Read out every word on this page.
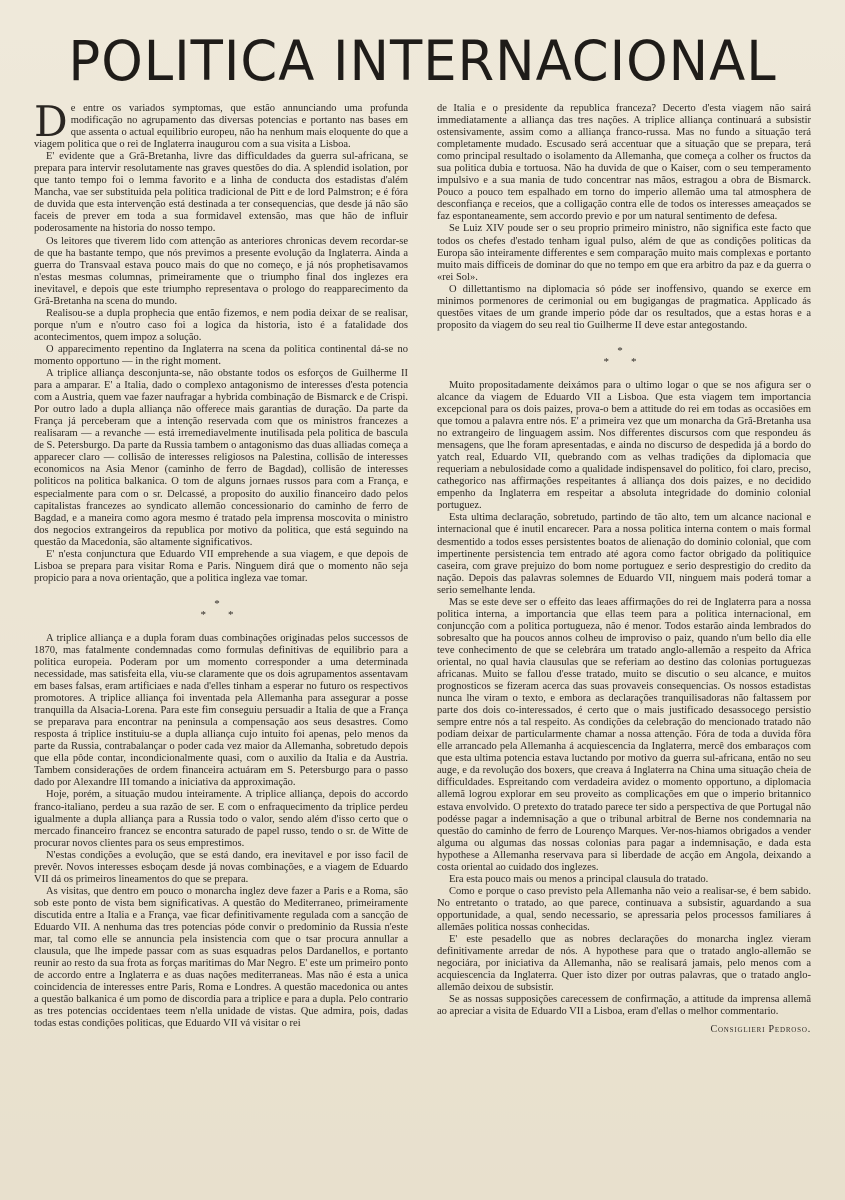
POLITICA INTERNACIONAL

De entre os variados symptomas, que estão annunciando uma profunda modificação no agrupamento das diversas potencias e portanto nas bases em que assenta o actual equilibrio europeu, não ha nenhum mais eloquente do que a viagem politica que o rei de Inglaterra inaugurou com a sua visita a Lisboa.

E' evidente que a Grã-Bretanha, livre das difficuldades da guerra sul-africana, se prepara para intervir resolutamente nas graves questões do dia. A splendid isolation, por que tanto tempo foi o lemma favorito e a linha de conducta dos estadistas d'além Mancha, vae ser substituida pela politica tradicional de Pitt e de lord Palmstron; e é fóra de duvida que esta intervenção está destinada a ter consequencias, que desde já não são faceis de prever em toda a sua formidavel extensão, mas que hão de influir poderosamente na historia do nosso tempo.

Os leitores que tiverem lido com attenção as anteriores chronicas devem recordar-se de que ha bastante tempo, que nós previmos a presente evolução da Inglaterra. Ainda a guerra do Transvaal estava pouco mais do que no começo, e já nós prophetisavamos n'estas mesmas columnas, primeiramente que o triumpho final dos inglezes era inevitavel, e depois que este triumpho representava o prologo do reapparecimento da Grã-Bretanha na scena do mundo.

Realisou-se a dupla prophecia que então fizemos, e nem podia deixar de se realisar, porque n'um e n'outro caso foi a logica da historia, isto é a fatalidade dos acontecimentos, quem impoz a solução.

O apparecimento repentino da Inglaterra na scena da politica continental dá-se no momento opportuno — in the right moment.

A triplice alliança desconjunta-se, não obstante todos os esforços de Guilherme II para a amparar. E' a Italia, dado o complexo antagonismo de interesses d'esta potencia com a Austria, quem vae fazer naufragar a hybrida combinação de Bismarck e de Crispi. Por outro lado a dupla alliança não offerece mais garantias de duração. Da parte da França já perceberam que a intenção reservada com que os ministros francezes a realisaram — a revanche — está irremediavelmente inutilisada pela politica de bascula de S. Petersburgo. Da parte da Russia tambem o antagonismo das duas alliadas começa a apparecer claro — collisão de interesses religiosos na Palestina, collisão de interesses economicos na Asia Menor (caminho de ferro de Bagdad), collisão de interesses politicos na politica balkanica. O tom de alguns jornaes russos para com a França, e especialmente para com o sr. Delcassé, a proposito do auxilio financeiro dado pelos capitalistas francezes ao syndicato allemão concessionario do caminho de ferro de Bagdad, e a maneira como agora mesmo é tratado pela imprensa moscovita o ministro dos negocios extrangeiros da republica por motivo da politica, que está seguindo na questão da Macedonia, são altamente significativos.

E' n'esta conjunctura que Eduardo VII emprehende a sua viagem, e que depois de Lisboa se prepara para visitar Roma e Paris. Ninguem dirá que o momento não seja propicio para a nova orientação, que a politica ingleza vae tomar.

*
**

A triplice alliança e a dupla foram duas combinações originadas pelos successos de 1870, mas fatalmente condemnadas como formulas definitivas de equilibrio para a politica europeia. Poderam por um momento corresponder a uma determinada necessidade, mas satisfeita ella, viu-se claramente que os dois agrupamentos assentavam em bases falsas, eram artificiaes e nada d'elles tinham a esperar no futuro os respectivos promotores. A triplice alliança foi inventada pela Allemanha para assegurar a posse tranquilla da Alsacia-Lorena. Para este fim conseguiu persuadir a Italia de que a França se preparava para encontrar na peninsula a compensação aos seus desastres. Como resposta á triplice instituiu-se a dupla alliança cujo intuito foi apenas, pelo menos da parte da Russia, contrabalançar o poder cada vez maior da Allemanha, sobretudo depois que ella pôde contar, incondicionalmente quasi, com o auxilio da Italia e da Austria. Tambem considerações de ordem financeira actuáram em S. Petersburgo para o passo dado por Alexandre III tomando a iniciativa da approximação.

Hoje, porém, a situação mudou inteiramente. A triplice alliança, depois do accordo franco-italiano, perdeu a sua razão de ser. E com o enfraquecimento da triplice perdeu igualmente a dupla alliança para a Russia todo o valor, sendo além d'isso certo que o mercado financeiro francez se encontra saturado de papel russo, tendo o sr. de Witte de procurar novos clientes para os seus emprestimos.

N'estas condições a evolução, que se está dando, era inevitavel e por isso facil de prevêr. Novos interesses esboçam desde já novas combinações, e a viagem de Eduardo VII dá os primeiros lineamentos do que se prepara.

As visitas, que dentro em pouco o monarcha inglez deve fazer a Paris e a Roma, são sob este ponto de vista bem significativas. A questão do Mediterraneo, primeiramente discutida entre a Italia e a França, vae ficar definitivamente regulada com a sancção de Eduardo VII. A nenhuma das tres potencias póde convir o predominio da Russia n'este mar, tal como elle se annuncia pela insistencia com que o tsar procura annullar a clausula, que lhe impede passar com as suas esquadras pelos Dardanellos, e portanto reunir ao resto da sua frota as forças maritimas do Mar Negro. E' este um primeiro ponto de accordo entre a Inglaterra e as duas nações mediterraneas. Mas não é esta a unica coincidencia de interesses entre Paris, Roma e Londres. A questão macedonica ou antes a questão balkanica é um pomo de discordia para a triplice e para a dupla. Pelo contrario as tres potencias occidentaes teem n'ella unidade de vistas. Que admira, pois, dadas todas estas condições politicas, que Eduardo VII vá visitar o rei

de Italia e o presidente da republica franceza? Decerto d'esta viagem não sairá immediatamente a alliança das tres nações. A triplice alliança continuará a subsistir ostensivamente, assim como a alliança franco-russa. Mas no fundo a situação terá completamente mudado. Escusado será accentuar que a situação que se prepara, terá como principal resultado o isolamento da Allemanha, que começa a colher os fructos da sua politica dubia e tortuosa. Não ha duvida de que o Kaiser, com o seu temperamento impulsivo e a sua mania de tudo concentrar nas mãos, estragou a obra de Bismarck. Pouco a pouco tem espalhado em torno do imperio allemão uma tal atmosphera de desconfiança e receios, que a colligação contra elle de todos os interesses ameaçados se faz espontaneamente, sem accordo previo e por um natural sentimento de defesa.

Se Luiz XIV poude ser o seu proprio primeiro ministro, não significa este facto que todos os chefes d'estado tenham igual pulso, além de que as condições politicas da Europa são inteiramente differentes e sem comparação muito mais complexas e portanto muito mais difficeis de dominar do que no tempo em que era arbitro da paz e da guerra o «rei Sol».

O dillettantismo na diplomacia só póde ser inoffensivo, quando se exerce em minimos pormenores de cerimonial ou em bugigangas de pragmatica. Applicado ás questões vitaes de um grande imperio póde dar os resultados, que a estas horas e a proposito da viagem do seu real tio Guilherme II deve estar antegostando.

*
**

Muito propositadamente deixámos para o ultimo logar o que se nos afigura ser o alcance da viagem de Eduardo VII a Lisboa. Que esta viagem tem importancia excepcional para os dois paizes, prova-o bem a attitude do rei em todas as occasiões em que tomou a palavra entre nós. E' a primeira vez que um monarcha da Grã-Bretanha usa no extrangeiro de linguagem assim. Nos differentes discursos com que respondeu ás mensagens, que lhe foram apresentadas, e ainda no discurso de despedida já a bordo do yatch real, Eduardo VII, quebrando com as velhas tradições da diplomacia que requeriam a nebulosidade como a qualidade indispensavel do politico, foi claro, preciso, cathegorico nas affirmações respeitantes á alliança dos dois paizes, e no decidido empenho da Inglaterra em respeitar a absoluta integridade do dominio colonial portuguez.

Esta ultima declaração, sobretudo, partindo de tão alto, tem um alcance nacional e internacional que é inutil encarecer. Para a nossa politica interna contem o mais formal desmentido a todos esses persistentes boatos de alienação do dominio colonial, que com impertinente persistencia tem entrado até agora como factor obrigado da politiquice caseira, com grave prejuizo do bom nome portuguez e serio desprestigio do credito da nação. Depois das palavras solemnes de Eduardo VII, ninguem mais poderá tomar a serio semelhante lenda.

Mas se este deve ser o effeito das leaes affirmações do rei de Inglaterra para a nossa politica interna, a importancia que ellas teem para a politica internacional, em conjuncção com a politica portugueza, não é menor. Todos estarão ainda lembrados do sobresalto que ha poucos annos colheu de improviso o paiz, quando n'um bello dia elle teve conhecimento de que se celebrára um tratado anglo-allemão a respeito da Africa oriental, no qual havia clausulas que se referiam ao destino das colonias portuguezas africanas. Muito se fallou d'esse tratado, muito se discutio o seu alcance, e muitos prognosticos se fizeram acerca das suas provaveis consequencias. Os nossos estadistas nunca lhe viram o texto, e embora as declarações tranquilisadoras não faltassem por parte dos dois co-interessados, é certo que o mais justificado desassocego persistio sempre entre nós a tal respeito. As condições da celebração do mencionado tratado não podiam deixar de particularmente chamar a nossa attenção. Fóra de toda a duvida fôra elle arrancado pela Allemanha á acquiescencia da Inglaterra, mercê dos embaraços com que esta ultima potencia estava luctando por motivo da guerra sul-africana, então no seu auge, e da revolução dos boxers, que creava á Inglaterra na China uma situação cheia de difficuldades. Espreitando com verdadeira avidez o momento opportuno, a diplomacia allemã logrou explorar em seu proveito as complicações em que o imperio britannico estava envolvido. O pretexto do tratado parece ter sido a perspectiva de que Portugal não podésse pagar a indemnisação a que o tribunal arbitral de Berne nos condemnaria na questão do caminho de ferro de Lourenço Marques. Ver-nos-hiamos obrigados a vender alguma ou algumas das nossas colonias para pagar a indemnisação, e dada esta hypothese a Allemanha reservava para si liberdade de acção em Angola, deixando a costa oriental ao cuidado dos inglezes.

Era esta pouco mais ou menos a principal clausula do tratado.

Como e porque o caso previsto pela Allemanha não veio a realisar-se, é bem sabido. No entretanto o tratado, ao que parece, continuava a subsistir, aguardando a sua opportunidade, a qual, sendo necessario, se apressaria pelos processos familiares á allemães politica nossas conhecidas.

E' este pesadello que as nobres declarações do monarcha inglez vieram definitivamente arredar de nós. A hypothese para que o tratado anglo-allemão se negociára, por iniciativa da Allemanha, não se realisará jamais, pelo menos com a acquiescencia da Inglaterra. Quer isto dizer por outras palavras, que o tratado anglo-allemão deixou de subsistir.

Se as nossas supposições carecessem de confirmação, a attitude da imprensa allemã ao apreciar a visita de Eduardo VII a Lisboa, eram d'ellas o melhor commentario.

Consiglieri Pedroso.
